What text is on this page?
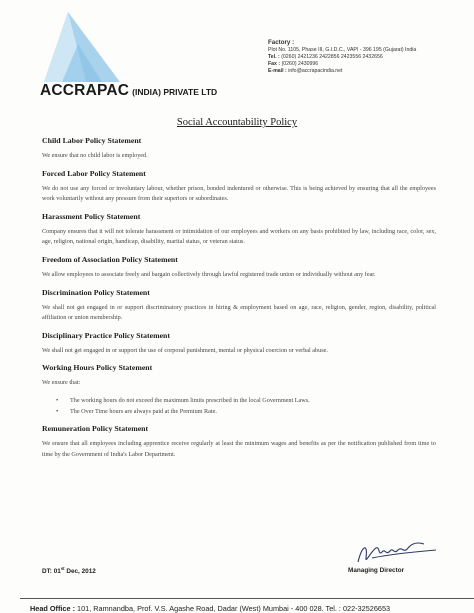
ACCRAPAC (INDIA) PRIVATE LTD
Factory :
Plot No. 1105, Phase III, G.I.D.C., VAPI - 396 195 (Gujarat) India
Tel. : (0260) 2421236 2422856 2423556 2432656
Fax : (0260) 2430996
E-mail : info@accrapacindia.net
Social Accountability Policy
Child Labor Policy Statement

We ensure that no child labor is employed.

Forced Labor Policy Statement

We do not use any forced or involuntary labour, whether prison, bonded indentured or otherwise. This is being achieved by ensuring that all the employees work voluntarily without any pressure from their superiors or subordinates.

Harassment Policy Statement

Company ensures that it will not tolerate harassment or intimidation of our employees and workers on any basis prohibited by law, including race, color, sex, age, religion, national origin, handicap, disability, marital status, or veteran status.

Freedom of Association Policy Statement

We allow employees to associate freely and bargain collectively through lawful registered trade union or individually without any fear.

Discrimination Policy Statement

We shall not get engaged in or support discriminatory practices in hiring & employment based on age, race, religion, gender, region, disability, political affiliation or union membership.

Disciplinary Practice Policy Statement

We shall not get engaged in or support the use of corporal punishment, mental or physical coercion or verbal abuse.

Working Hours Policy Statement

We ensure that:

• The working hours do not exceed the maximum limits prescribed in the local Government Laws.
• The Over Time hours are always paid at the Premium Rate.
Remuneration Policy Statement

We ensure that all employees including apprentice receive regularly at least the minimum wages and benefits as per the notification published from time to time by the Government of India's Labor Department.

DT: 01st Dec, 2012	Managing Director
Head Office : 101, Ramnandba, Prof. V.S. Agashe Road, Dadar (West) Mumbai - 400 028. Tel. : 022-32526653
